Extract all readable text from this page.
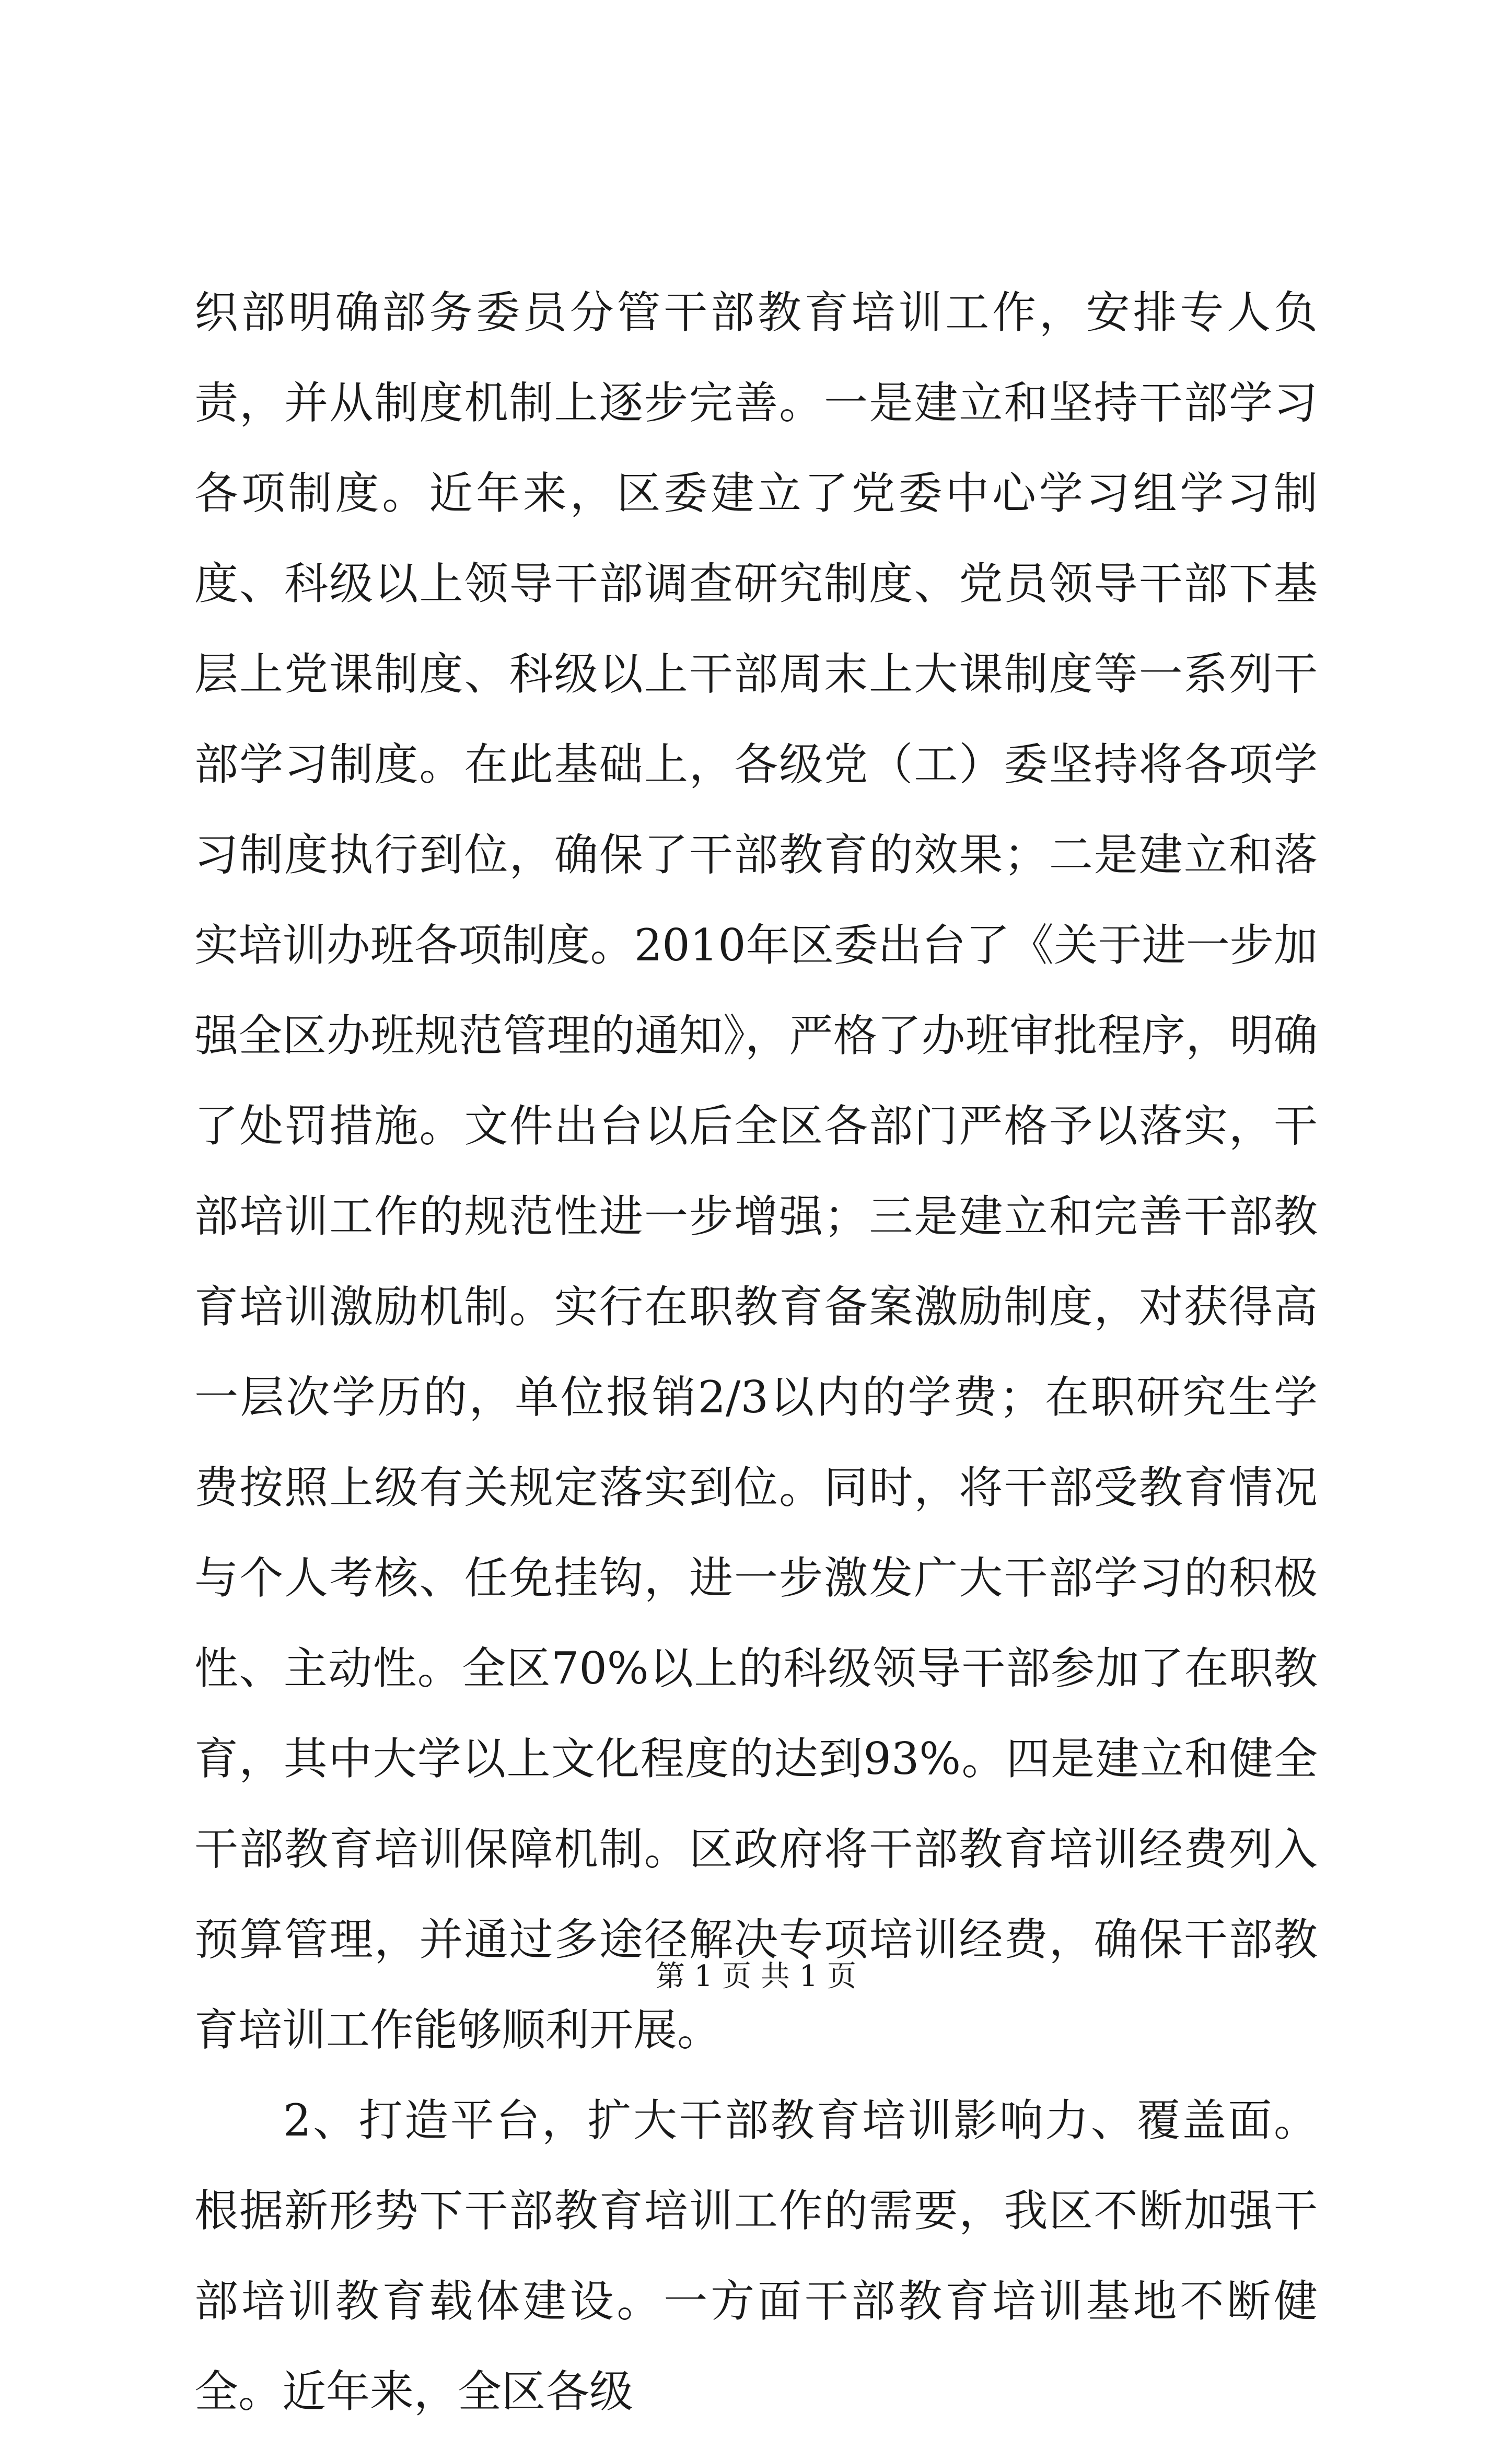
织部明确部务委员分管干部教育培训工作，安排专人负责，并从制度机制上逐步完善。一是建立和坚持干部学习各项制度。近年来，区委建立了党委中心学习组学习制度、科级以上领导干部调查研究制度、党员领导干部下基层上党课制度、科级以上干部周末上大课制度等一系列干部学习制度。在此基础上，各级党（工）委坚持将各项学习制度执行到位，确保了干部教育的效果；二是建立和落实培训办班各项制度。2010年区委出台了《关于进一步加强全区办班规范管理的通知》，严格了办班审批程序，明确了处罚措施。文件出台以后全区各部门严格予以落实，干部培训工作的规范性进一步增强；三是建立和完善干部教育培训激励机制。实行在职教育备案激励制度，对获得高一层次学历的，单位报销2/3以内的学费；在职研究生学费按照上级有关规定落实到位。同时，将干部受教育情况与个人考核、任免挂钩，进一步激发广大干部学习的积极性、主动性。全区70%以上的科级领导干部参加了在职教育，其中大学以上文化程度的达到93%。四是建立和健全干部教育培训保障机制。区政府将干部教育培训经费列入预算管理，并通过多途径解决专项培训经费，确保干部教育培训工作能够顺利开展。

2、打造平台，扩大干部教育培训影响力、覆盖面。根据新形势下干部教育培训工作的需要，我区不断加强干部培训教育载体建设。一方面干部教育培训基地不断健全。近年来，全区各级

第 1 页 共 1 页
